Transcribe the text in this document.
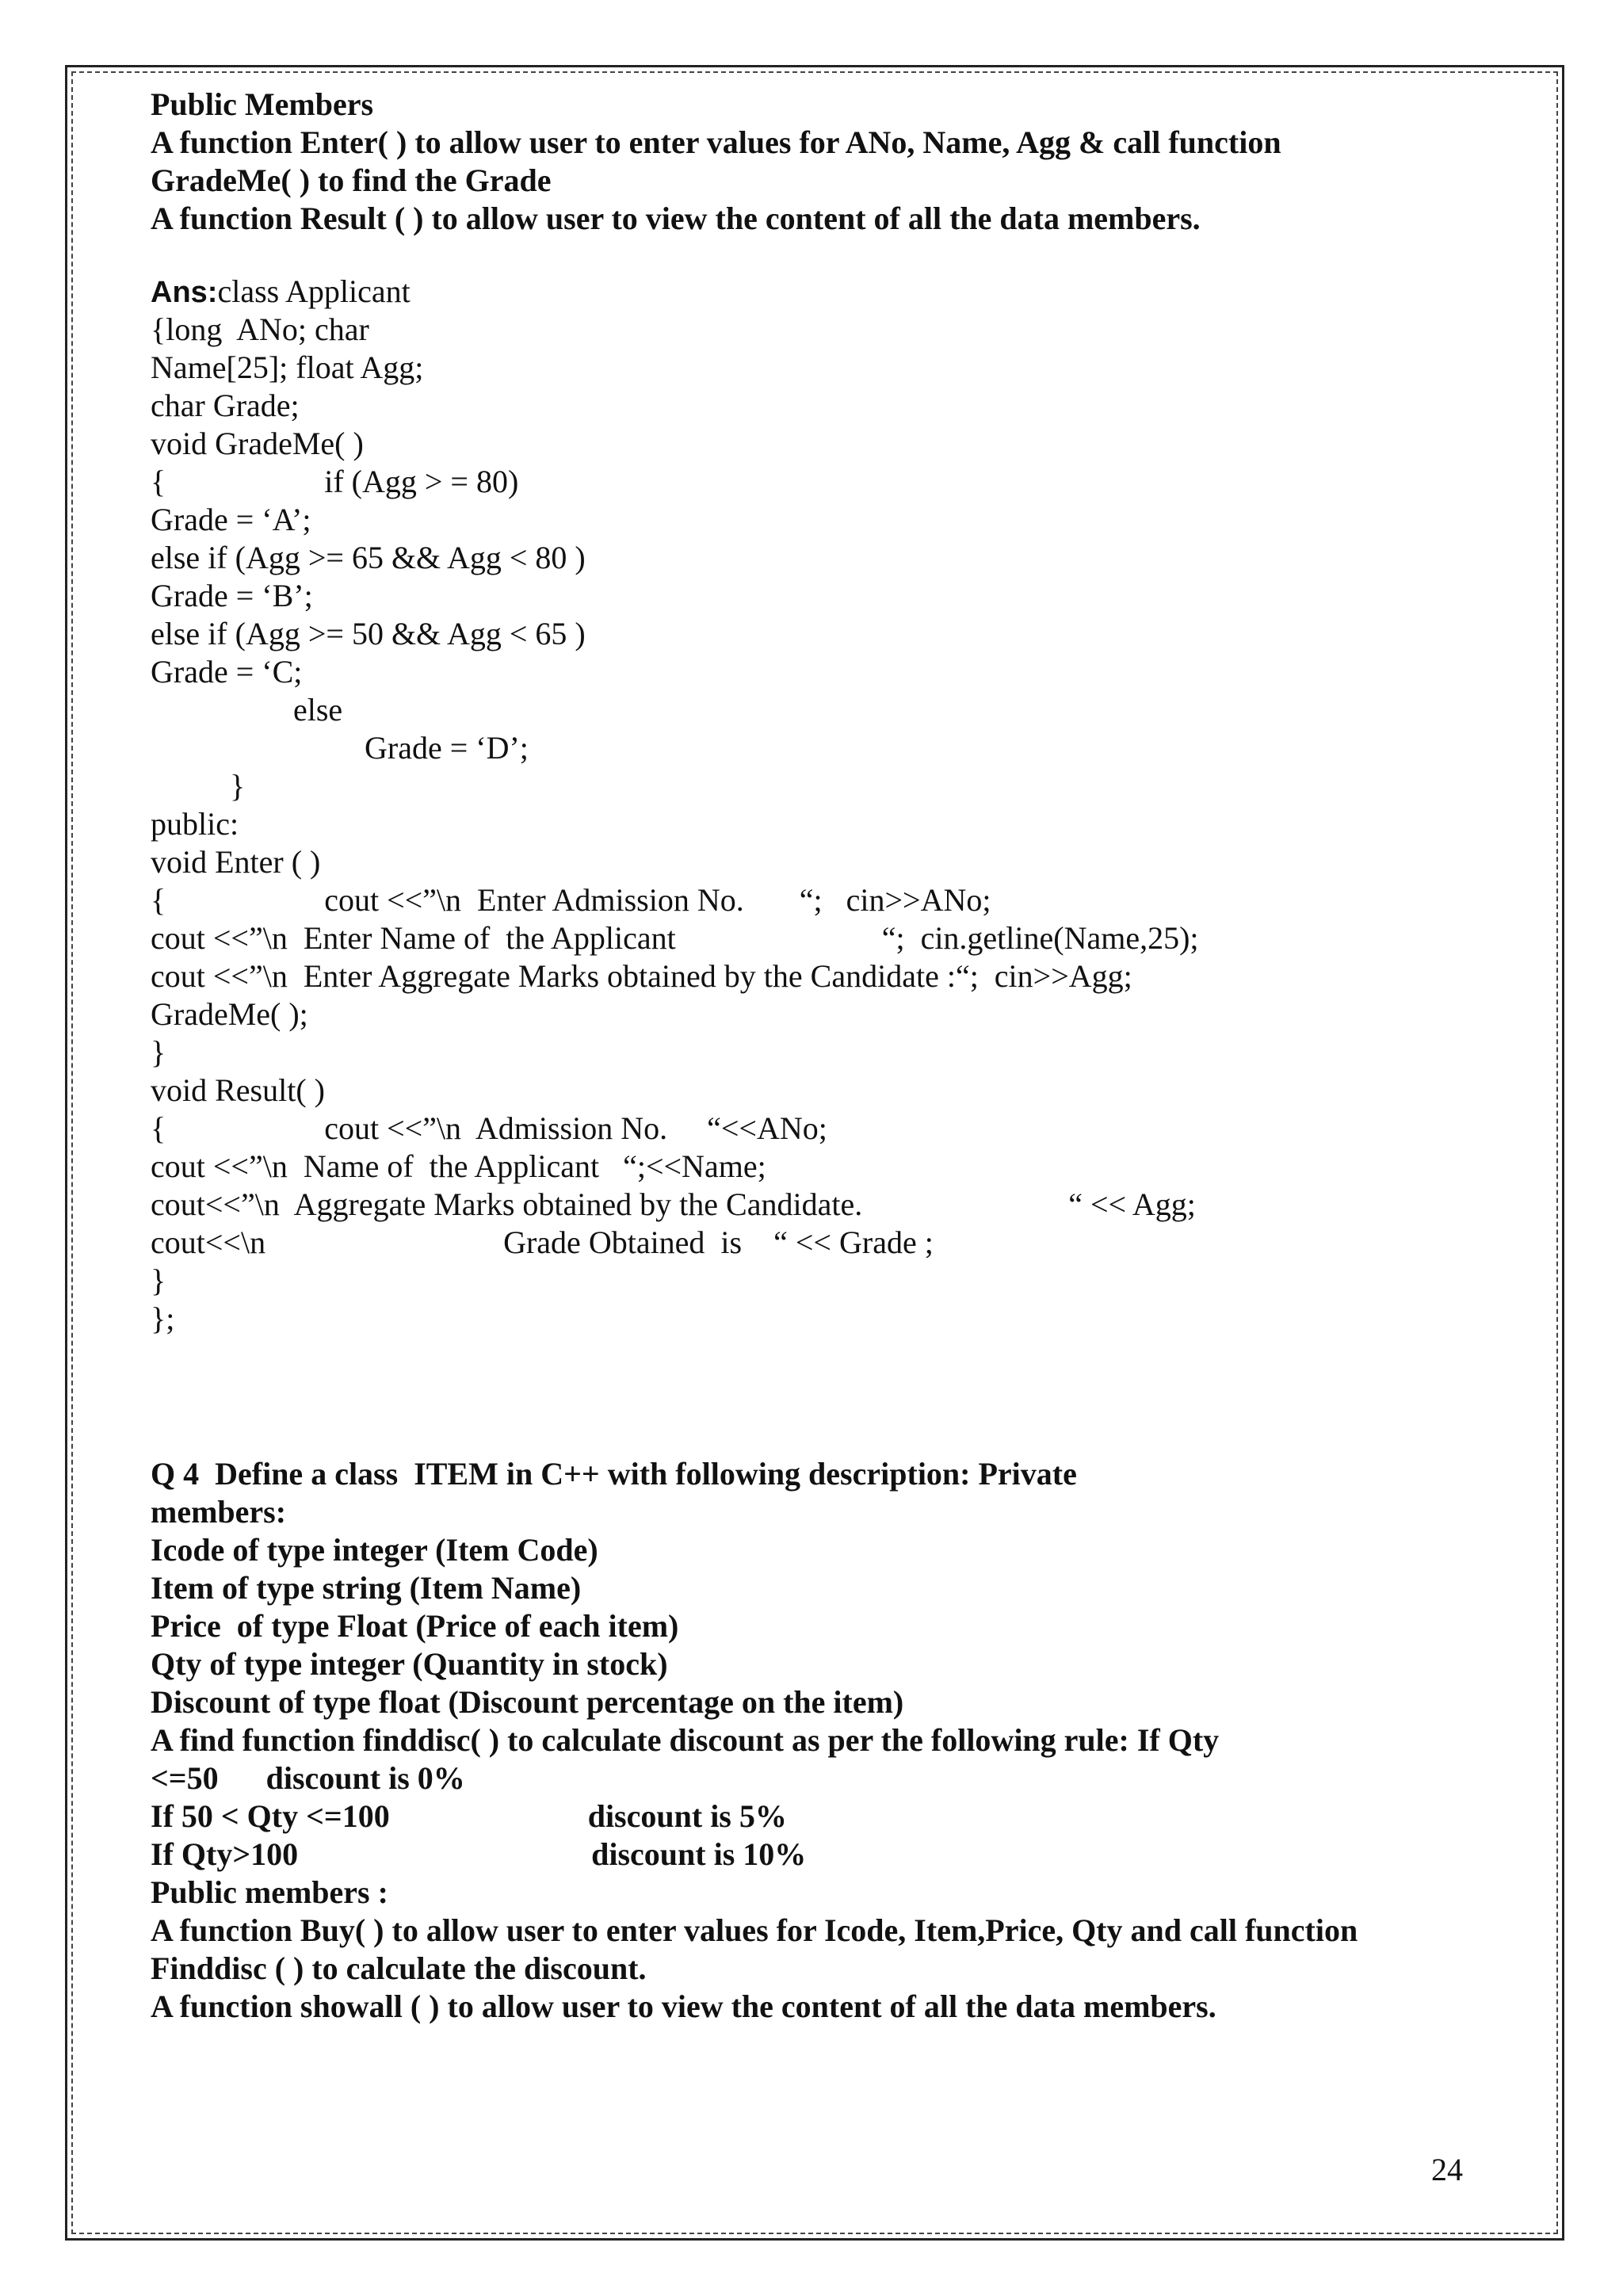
Public Members
A function Enter( ) to allow user to enter values for ANo, Name, Agg & call function
GradeMe( ) to find the Grade
A function Result ( ) to allow user to view the content of all the data members.
Ans:class Applicant
{long  ANo; char
Name[25]; float Agg;
char Grade;
void GradeMe( )
{                    if (Agg > = 80)
Grade = ‘A’;
else if (Agg >= 65 && Agg < 80 )
Grade = ‘B’;
else if (Agg >= 50 && Agg < 65 )
Grade = ‘C;
else
Grade = ‘D’;
}
public:
void Enter ( )
{                    cout <<”\n  Enter Admission No.       “;   cin>>ANo;
cout <<”\n  Enter Name of  the Applicant                          “;  cin.getline(Name,25);
cout <<”\n  Enter Aggregate Marks obtained by the Candidate :“;  cin>>Agg;
GradeMe( );
}
void Result( )
{                    cout <<”\n  Admission No.     “<<ANo;
cout <<”\n  Name of  the Applicant   “;<<Name;
cout<<”\n  Aggregate Marks obtained by the Candidate.                          “ << Agg;
cout<<\n                              Grade Obtained  is    “ << Grade ;
}
};
Q 4  Define a class  ITEM in C++ with following description: Private
members:
Icode of type integer (Item Code)
Item of type string (Item Name)
Price  of type Float (Price of each item)
Qty of type integer (Quantity in stock)
Discount of type float (Discount percentage on the item)
A find function finddisc( ) to calculate discount as per the following rule: If Qty
<=50      discount is 0%
If 50 < Qty <=100                         discount is 5%
If Qty>100                                     discount is 10%
Public members :
A function Buy( ) to allow user to enter values for Icode, Item,Price, Qty and call function
Finddisc ( ) to calculate the discount.
A function showall ( ) to allow user to view the content of all the data members.
24
